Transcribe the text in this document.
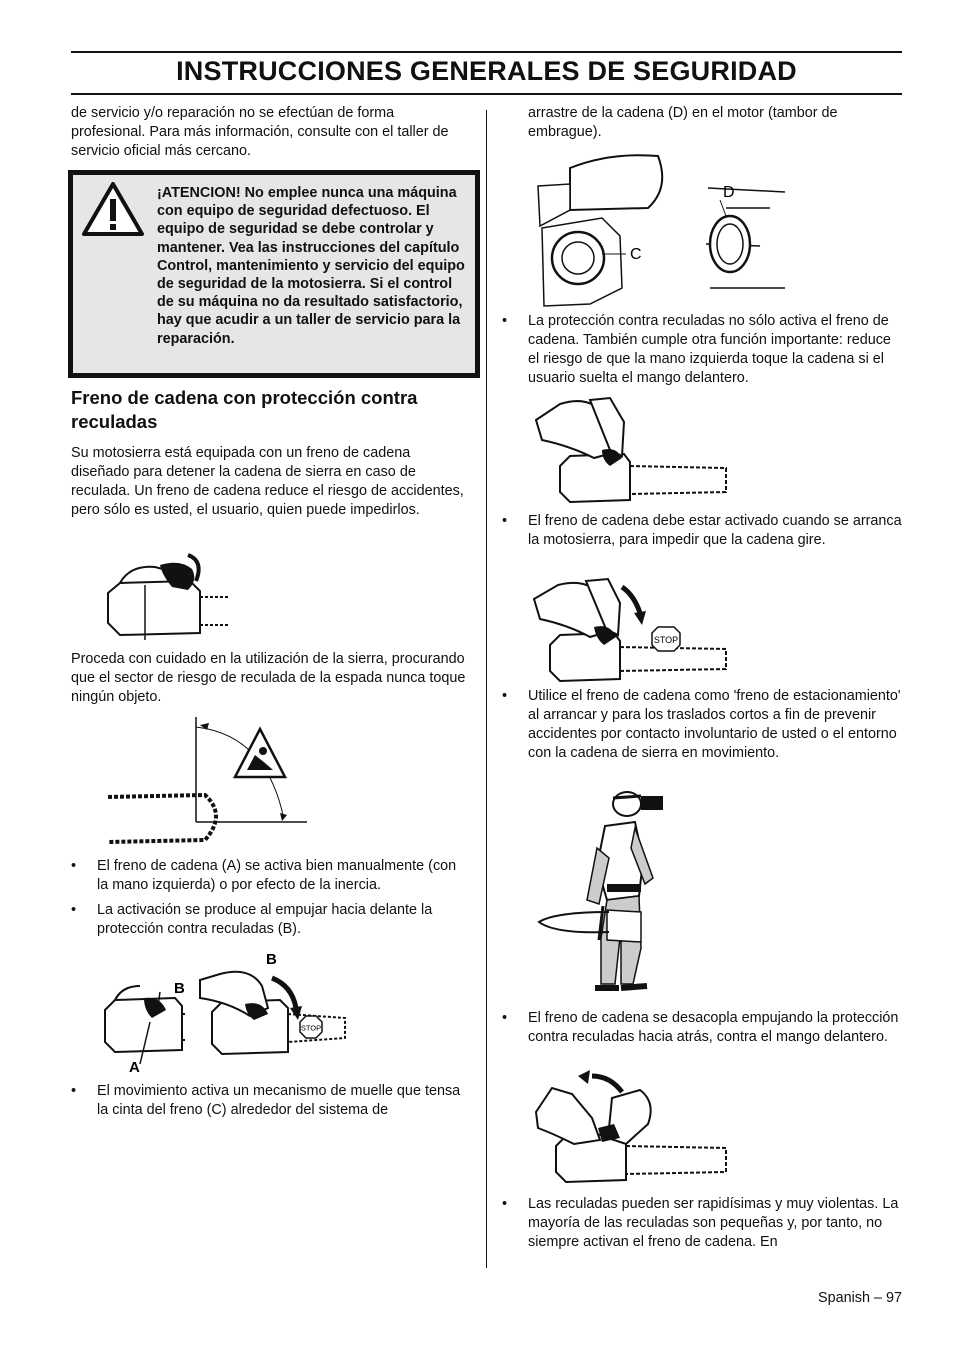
INSTRUCCIONES GENERALES DE SEGURIDAD

de servicio y/o reparación no se efectúan de forma profesional. Para más información, consulte con el taller de servicio oficial más cercano.

¡ATENCION! No emplee nunca una máquina con equipo de seguridad defectuoso. El equipo de seguridad se debe controlar y mantener. Vea las instrucciones del capítulo Control, mantenimiento y servicio del equipo de seguridad de la motosierra. Si el control de su máquina no da resultado satisfactorio, hay que acudir a un taller de servicio para la reparación.

Freno de cadena con protección contra reculadas

Su motosierra está equipada con un freno de cadena diseñado para detener la cadena de sierra en caso de reculada. Un freno de cadena reduce el riesgo de accidentes, pero sólo es usted, el usuario, quien puede impedirlos.

Proceda con cuidado en la utilización de la sierra, procurando que el sector de riesgo de reculada de la espada nunca toque ningún objeto.

•	El freno de cadena (A) se activa bien manualmente (con la mano izquierda) o por efecto de la inercia.
•	La activación se produce al empujar hacia delante la protección contra reculadas (B).
STOP
A
B
B
•	El movimiento activa un mecanismo de muelle que tensa la cinta del freno (C) alrededor del sistema de

arrastre de la cadena (D) en el motor (tambor de embrague).

C
D
•	La protección contra reculadas no sólo activa el freno de cadena. También cumple otra función importante: reduce el riesgo de que la mano izquierda toque la cadena si el usuario suelta el mango delantero.
•	El freno de cadena debe estar activado cuando se arranca la motosierra, para impedir que la cadena gire.
STOP
•	Utilice el freno de cadena como 'freno de estacionamiento' al arrancar y para los traslados cortos a fin de prevenir accidentes por contacto involuntario de usted o el entorno con la cadena de sierra en movimiento.
•	El freno de cadena se desacopla empujando la protección contra reculadas hacia atrás, contra el mango delantero.
•	Las reculadas pueden ser rapidísimas y muy violentas. La mayoría de las reculadas son pequeñas y, por tanto, no siempre activan el freno de cadena. En
Spanish – 97
